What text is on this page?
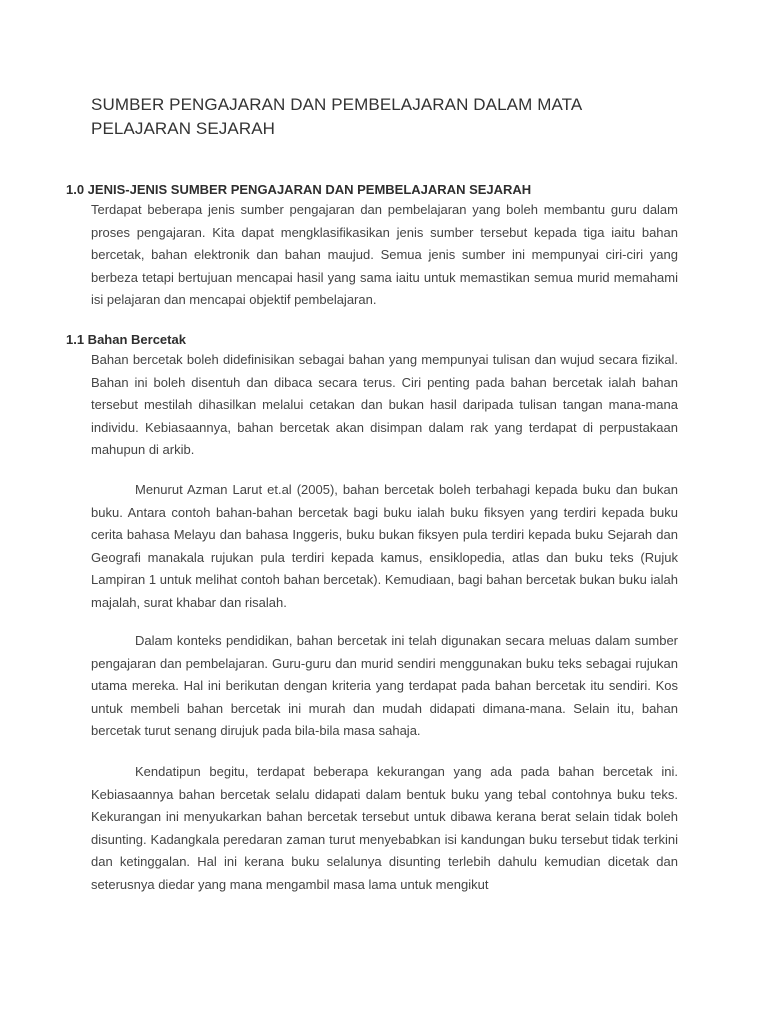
SUMBER PENGAJARAN DAN PEMBELAJARAN DALAM MATA
PELAJARAN SEJARAH
1.0 JENIS-JENIS SUMBER PENGAJARAN DAN PEMBELAJARAN SEJARAH

Terdapat beberapa jenis sumber pengajaran dan pembelajaran yang boleh membantu guru dalam proses pengajaran. Kita dapat mengklasifikasikan jenis sumber tersebut kepada tiga iaitu bahan bercetak, bahan elektronik dan bahan maujud. Semua jenis sumber ini mempunyai ciri-ciri yang berbeza tetapi bertujuan mencapai hasil yang sama iaitu untuk memastikan semua murid memahami isi pelajaran dan mencapai objektif pembelajaran.

1.1 Bahan Bercetak

Bahan bercetak boleh didefinisikan sebagai bahan yang mempunyai tulisan dan wujud secara fizikal. Bahan ini boleh disentuh dan dibaca secara terus. Ciri penting pada bahan bercetak ialah bahan tersebut mestilah dihasilkan melalui cetakan dan bukan hasil daripada tulisan tangan mana-mana individu. Kebiasaannya, bahan bercetak akan disimpan dalam rak yang terdapat di perpustakaan mahupun di arkib.

Menurut Azman Larut et.al (2005), bahan bercetak boleh terbahagi kepada buku dan bukan buku. Antara contoh bahan-bahan bercetak bagi buku ialah buku fiksyen yang terdiri kepada buku cerita bahasa Melayu dan bahasa Inggeris, buku bukan fiksyen pula terdiri kepada buku Sejarah dan Geografi manakala rujukan pula terdiri kepada kamus, ensiklopedia, atlas dan buku teks (Rujuk Lampiran 1 untuk melihat contoh bahan bercetak). Kemudiaan, bagi bahan bercetak bukan buku ialah majalah, surat khabar dan risalah.

Dalam konteks pendidikan, bahan bercetak ini telah digunakan secara meluas dalam sumber pengajaran dan pembelajaran. Guru-guru dan murid sendiri menggunakan buku teks sebagai rujukan utama mereka. Hal ini berikutan dengan kriteria yang terdapat pada bahan bercetak itu sendiri. Kos untuk membeli bahan bercetak ini murah dan mudah didapati dimana-mana. Selain itu, bahan bercetak turut senang dirujuk pada bila-bila masa sahaja.

Kendatipun begitu, terdapat beberapa kekurangan yang ada pada bahan bercetak ini. Kebiasaannya bahan bercetak selalu didapati dalam bentuk buku yang tebal contohnya buku teks. Kekurangan ini menyukarkan bahan bercetak tersebut untuk dibawa kerana berat selain tidak boleh disunting. Kadangkala peredaran zaman turut menyebabkan isi kandungan buku tersebut tidak terkini dan ketinggalan. Hal ini kerana buku selalunya disunting terlebih dahulu kemudian dicetak dan seterusnya diedar yang mana mengambil masa lama untuk mengikut
